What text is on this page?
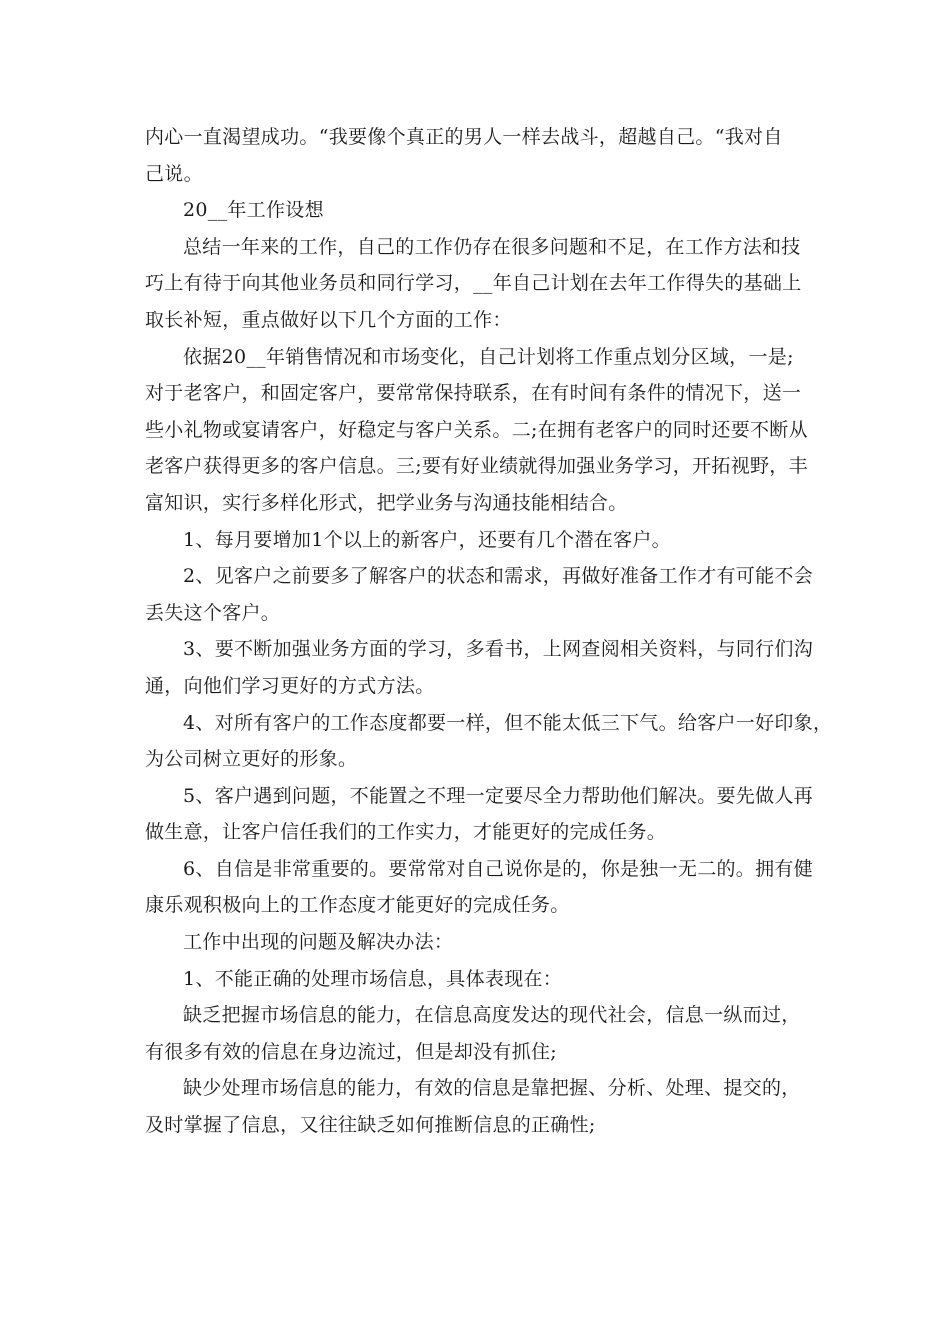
内心一直渴望成功。“我要像个真正的男人一样去战斗，超越自己。“我对自
己说。
20__年工作设想
总结一年来的工作，自己的工作仍存在很多问题和不足，在工作方法和技
巧上有待于向其他业务员和同行学习，__年自己计划在去年工作得失的基础上
取长补短，重点做好以下几个方面的工作：
依据20__年销售情况和市场变化，自己计划将工作重点划分区域，一是;
对于老客户，和固定客户，要常常保持联系，在有时间有条件的情况下，送一
些小礼物或宴请客户，好稳定与客户关系。二;在拥有老客户的同时还要不断从
老客户获得更多的客户信息。三;要有好业绩就得加强业务学习，开拓视野，丰
富知识，实行多样化形式，把学业务与沟通技能相结合。
1、每月要增加1个以上的新客户，还要有几个潜在客户。
2、见客户之前要多了解客户的状态和需求，再做好准备工作才有可能不会
丢失这个客户。
3、要不断加强业务方面的学习，多看书，上网查阅相关资料，与同行们沟
通，向他们学习更好的方式方法。
4、对所有客户的工作态度都要一样，但不能太低三下气。给客户一好印象，
为公司树立更好的形象。
5、客户遇到问题，不能置之不理一定要尽全力帮助他们解决。要先做人再
做生意，让客户信任我们的工作实力，才能更好的完成任务。
6、自信是非常重要的。要常常对自己说你是的，你是独一无二的。拥有健
康乐观积极向上的工作态度才能更好的完成任务。
工作中出现的问题及解决办法：
1、不能正确的处理市场信息，具体表现在：
缺乏把握市场信息的能力，在信息高度发达的现代社会，信息一纵而过，
有很多有效的信息在身边流过，但是却没有抓住;
缺少处理市场信息的能力，有效的信息是靠把握、分析、处理、提交的，
及时掌握了信息，又往往缺乏如何推断信息的正确性;
